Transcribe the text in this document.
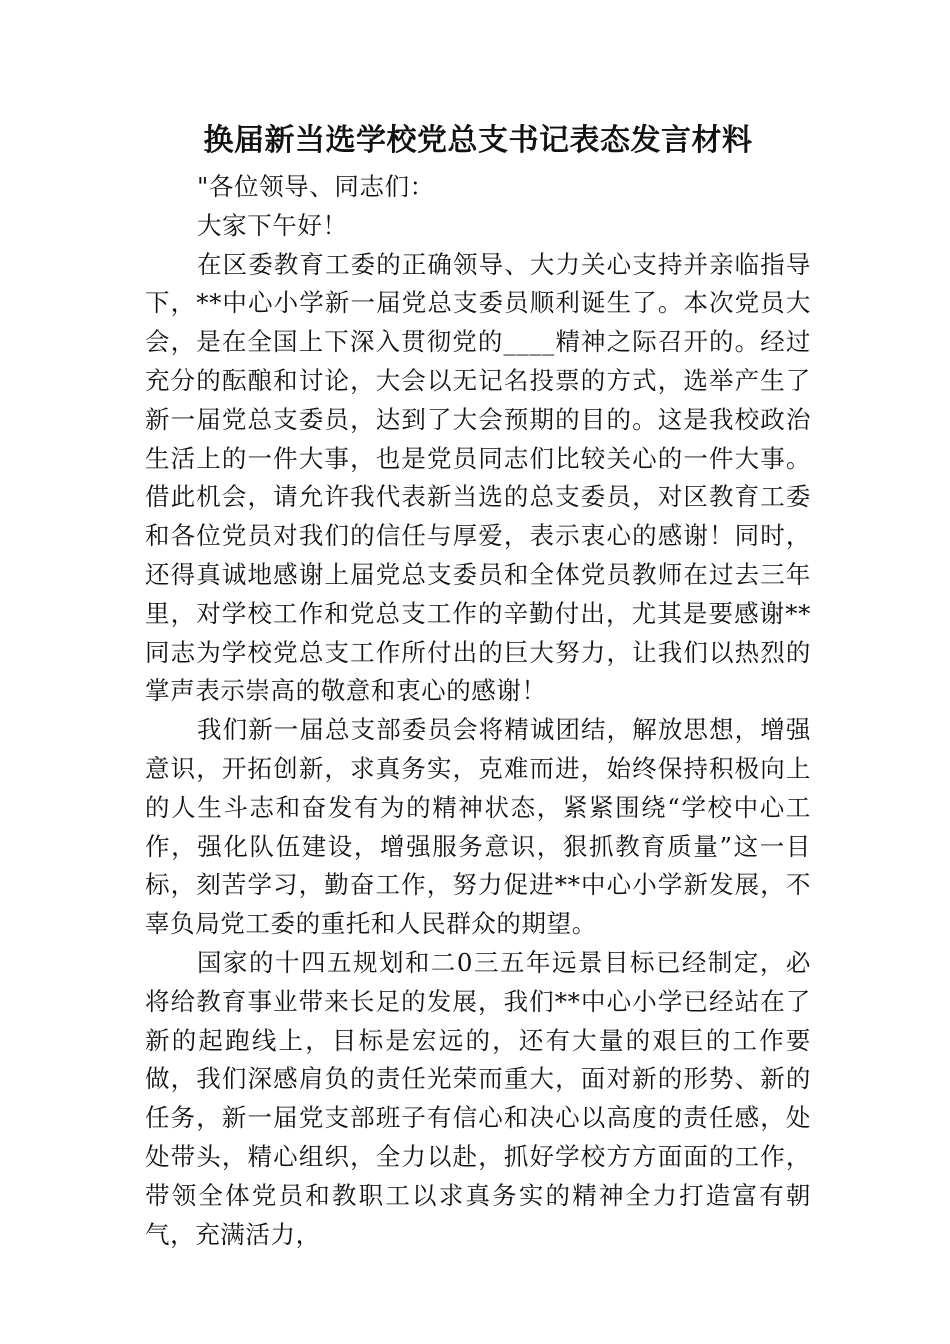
换届新当选学校党总支书记表态发言材料

"各位领导、同志们：

大家下午好！

在区委教育工委的正确领导、大力关心支持并亲临指导下，**中心小学新一届党总支委员顺利诞生了。本次党员大会，是在全国上下深入贯彻党的____精神之际召开的。经过充分的酝酿和讨论，大会以无记名投票的方式，选举产生了新一届党总支委员，达到了大会预期的目的。这是我校政治生活上的一件大事，也是党员同志们比较关心的一件大事。借此机会，请允许我代表新当选的总支委员，对区教育工委和各位党员对我们的信任与厚爱，表示衷心的感谢！同时，还得真诚地感谢上届党总支委员和全体党员教师在过去三年里，对学校工作和党总支工作的辛勤付出，尤其是要感谢**同志为学校党总支工作所付出的巨大努力，让我们以热烈的掌声表示崇高的敬意和衷心的感谢！

我们新一届总支部委员会将精诚团结，解放思想，增强意识，开拓创新，求真务实，克难而进，始终保持积极向上的人生斗志和奋发有为的精神状态，紧紧围绕“学校中心工作，强化队伍建设，增强服务意识，狠抓教育质量”这一目标，刻苦学习，勤奋工作，努力促进**中心小学新发展，不辜负局党工委的重托和人民群众的期望。

国家的十四五规划和二0三五年远景目标已经制定，必将给教育事业带来长足的发展，我们**中心小学已经站在了新的起跑线上，目标是宏远的，还有大量的艰巨的工作要做，我们深感肩负的责任光荣而重大，面对新的形势、新的任务，新一届党支部班子有信心和决心以高度的责任感，处处带头，精心组织，全力以赴，抓好学校方方面面的工作，带领全体党员和教职工以求真务实的精神全力打造富有朝气，充满活力，
